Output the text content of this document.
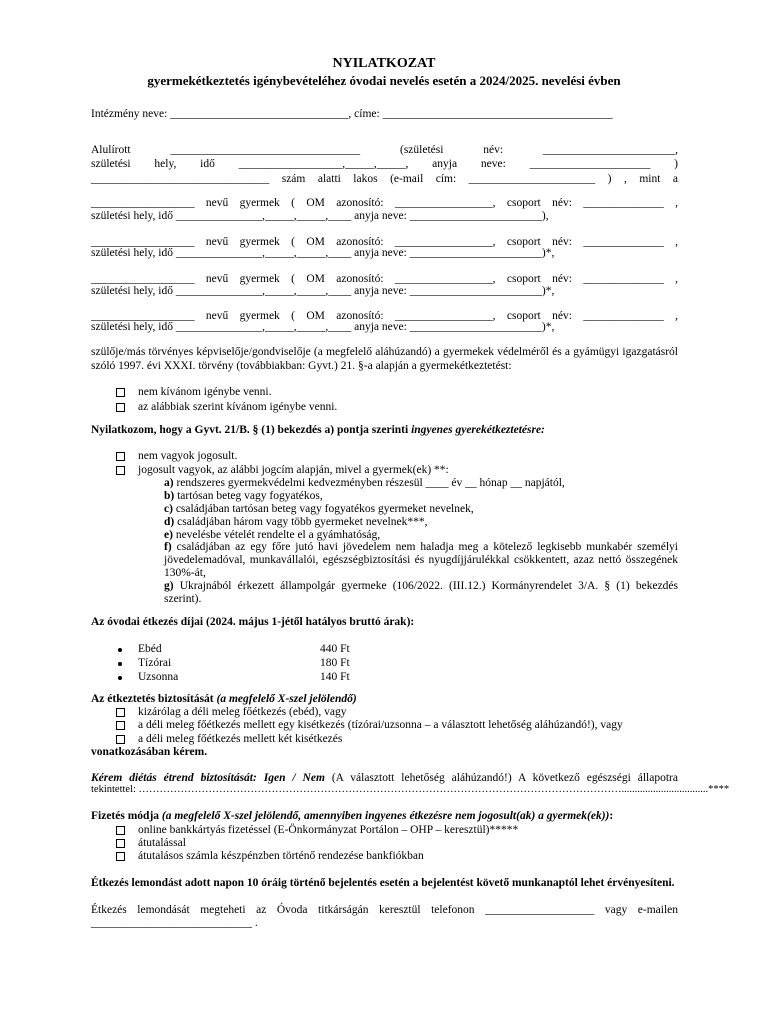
NYILATKOZAT
gyermekétkeztetés igénybevételéhez óvodai nevelés esetén a 2024/2025. nevelési évben
Intézmény neve: _______________________________, címe: ________________________________________
Alulírott _________________________________ (születési név: _______________________,
születési hely, idő __________________,_____,_____, anyja neve: _____________________ )
_______________________________ szám alatti lakos (e-mail cím: ______________________ ) , mint a
__________________ nevű gyermek ( OM azonosító: _________________, csoport név: ______________ ,
születési hely, idő _______________,_____,_____,____ anyja neve: _______________________),
__________________ nevű gyermek ( OM azonosító: _________________, csoport név: ______________ ,
születési hely, idő _______________,_____,_____,____ anyja neve: _______________________)*,
__________________ nevű gyermek ( OM azonosító: _________________, csoport név: ______________ ,
születési hely, idő _______________,_____,_____,____ anyja neve: _______________________)*,
__________________ nevű gyermek ( OM azonosító: _________________, csoport név: ______________ ,
születési hely, idő _______________,_____,_____,____ anyja neve: _______________________)*,
szülője/más törvényes képviselője/gondviselője (a megfelelő aláhúzandó) a gyermekek védelméről és a gyámügyi igazgatásról
szóló 1997. évi XXXI. törvény (továbbiakban: Gyvt.) 21. §-a alapján a gyermekétkeztetést:
nem kívánom igénybe venni.
az alábbiak szerint kívánom igénybe venni.
Nyilatkozom, hogy a Gyvt. 21/B. § (1) bekezdés a) pontja szerinti ingyenes gyerekétkeztetésre:
nem vagyok jogosult.
jogosult vagyok, az alábbi jogcím alapján, mivel a gyermek(ek) **:
a) rendszeres gyermekvédelmi kedvezményben részesül ____ év __ hónap __ napjától,
b) tartósan beteg vagy fogyatékos,
c) családjában tartósan beteg vagy fogyatékos gyermeket nevelnek,
d) családjában három vagy több gyermeket nevelnek***,
e) nevelésbe vételét rendelte el a gyámhatóság,
f) családjában az egy főre jutó havi jövedelem nem haladja meg a kötelező legkisebb munkabér személyi
jövedelemadóval, munkavállalói, egészségbiztosítási és nyugdíjjárulékkal csökkentett, azaz nettó összegének
130%-át,
g) Ukrajnából érkezett állampolgár gyermeke (106/2022. (III.12.) Kormányrendelet 3/A. § (1) bekezdés
szerint).
Az óvodai étkezés díjai (2024. május 1-jétől hatályos bruttó árak):
Ebéd	440 Ft
Tízórai	180 Ft
Uzsonna	140 Ft
Az étkeztetés biztosítását (a megfelelő X-szel jelölendő)
kizárólag a déli meleg főétkezés (ebéd), vagy
a déli meleg főétkezés mellett egy kisétkezés (tízórai/uzsonna – a választott lehetőség aláhúzandó!), vagy
a déli meleg főétkezés mellett két kisétkezés
vonatkozásában kérem.
Kérem diétás étrend biztosítását: Igen / Nem (A választott lehetőség aláhúzandó!) A következő egészségi állapotra
tekintettel: ………………………………………………………………………………………………………………………….................................****
Fizetés módja (a megfelelő X-szel jelölendő, amennyiben ingyenes étkezésre nem jogosult(ak) a gyermek(ek)):
online bankkártyás fizetéssel (E-Önkormányzat Portálon – OHP – keresztül)*****
átutalással
átutalásos számla készpénzben történő rendezése bankfiókban
Étkezés lemondást adott napon 10 óráig történő bejelentés esetén a bejelentést követő munkanaptól lehet érvényesíteni.
Étkezés lemondását megteheti az Óvoda titkárságán keresztül telefonon ___________________ vagy e-mailen
____________________________ .
